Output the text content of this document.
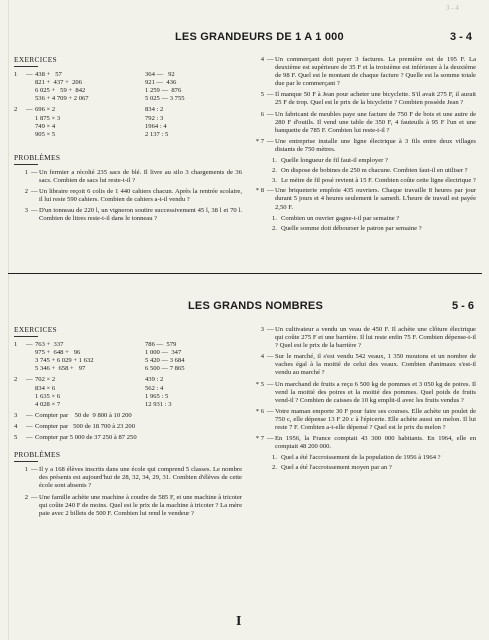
3 - 4
LES GRANDEURS DE 1 A 1 000	3 - 4
EXERCICES
1	— 438 +   57	364 —   92
821 +  437 +  206	921 —  436
6 025 +   59 +  842	1 259 —  876
536 + 4 709 + 2 067	5 025 — 3 755
2	— 696 × 2	834 : 2
1 875 × 3	792 : 3
749 × 4	1964 : 4
905 × 5	2 137 : 5
PROBLÈMES
1 — Un fermier a récolté 235 sacs de blé. Il livre au silo 3 chargements de 36 sacs. Combien de sacs lui reste-t-il ?
2 — Un libraire reçoit 6 colis de 1 440 cahiers chacun. Après la rentrée scolaire, il lui reste 590 cahiers. Combien de cahiers a-t-il vendu ?
3 — D'un tonneau de 220 l, un vigneron soutire successivement 45 l, 38 l et 70 l. Combien de litres reste-t-il dans le tonneau ?
4 — Un commerçant doit payer 3 factures. La première est de 195 F. La deuxième est supérieure de 35 F et la troisième est inférieure à la deuxième de 98 F. Quel est le montant de chaque facture ? Quelle est la somme totale due par le commerçant ?
5 — Il manque 50 F à Jean pour acheter une bicyclette. S'il avait 275 F, il aurait 25 F de trop. Quel est le prix de la bicyclette ? Combien possède Jean ?
6 — Un fabricant de meubles paye une facture de 750 F de bois et une autre de 280 F d'outils. Il vend une table de 350 F, 4 fauteuils à 95 F l'un et une banquette de 785 F. Combien lui reste-t-il ?
* 7 — Une entreprise installe une ligne électrique à 3 fils entre deux villages distants de 750 mètres.
1. Quelle longueur de fil faut-il employer ?
2. On dispose de bobines de 250 m chacune. Combien faut-il en utiliser ?
3. Le mètre de fil posé revient à 15 F. Combien coûte cette ligne électrique ?
* 8 — Une briqueterie emploie 435 ouvriers. Chaque travaille 8 heures par jour durant 5 jours et 4 heures seulement le samedi. L'heure de travail est payée 2,50 F.
1. Combien un ouvrier gagne-t-il par semaine ?
2. Quelle somme doit débourser le patron par semaine ?
LES GRANDS NOMBRES	5 - 6
EXERCICES
1	— 763 +  337	786 —  579
975 +  648 +   96	1 000 —  347
3 745 + 6 029 + 1 632	5 420 — 3 684
5 346 +  658 +   97	6 500 — 7 865
2	— 702 × 2	439 : 2
834 × 6	562 : 4
1 635 × 6	1 965 : 5
4 028 × 7	12 931 : 3
3	— Compter par    50 de  9 800 à 10 200
4	— Compter par   500 de 18 700 à 23 200
5	— Compter par 5 000 de 37 250 à 87 250
PROBLÈMES
1 — Il y a 168 élèves inscrits dans une école qui comprend 5 classes. Le nombre des présents est aujourd'hui de 28, 32, 34, 29, 31. Combien d'élèves de cette école sont absents ?
2 — Une famille achète une machine à coudre de 585 F, et une machine à tricoter qui coûte 240 F de moins. Quel est le prix de la machine à tricoter ? La mère paie avec 2 billets de 500 F. Combien lui rend le vendeur ?
3 — Un cultivateur a vendu un veau de 450 F. Il achète une clôture électrique qui coûte 275 F et une barrière. Il lui reste enfin 75 F. Combien dépense-t-il ? Quel est le prix de la barrière ?
4 — Sur le marché, il s'est vendu 542 veaux, 1 350 moutons et un nombre de vaches égal à la moitié de celui des veaux. Combien d'animaux s'est-il vendu au marché ?
* 5 — Un marchand de fruits a reçu 6 500 kg de pommes et 3 050 kg de poires. Il vend la moitié des poires et la moitié des pommes. Quel poids de fruits vend-il ? Combien de caisses de 10 kg emplit-il avec les fruits vendus ?
* 6 — Votre maman emporte 30 F pour faire ses courses. Elle achète un poulet de 750 c, elle dépense 13 F 20 c à l'épicerie. Elle achète aussi un melon. Il lui reste 7 F. Combien a-t-elle dépensé ? Quel est le prix du melon ?
* 7 — En 1956, la France comptait 43 300 000 habitants. En 1964, elle en comptait 48 200 000.
1. Quel a été l'accroissement de la population de 1956 à 1964 ?
2. Quel a été l'accroissement moyen par an ?
I
